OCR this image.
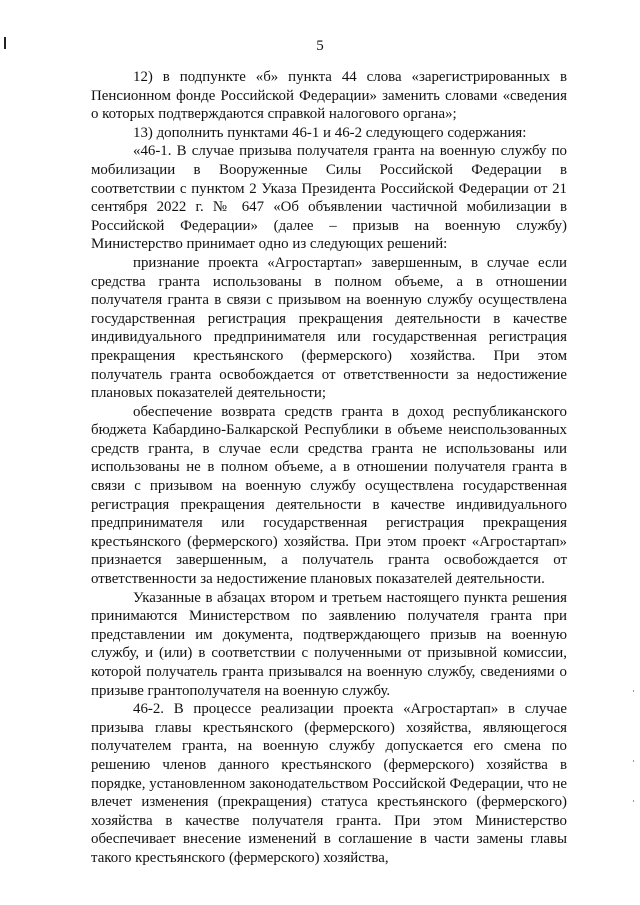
5

12) в подпункте «б» пункта 44 слова «зарегистрированных в Пенсионном фонде Российской Федерации» заменить словами «сведения о которых подтверждаются справкой налогового органа»;

13) дополнить пунктами 46-1 и 46-2 следующего содержания:

«46-1. В случае призыва получателя гранта на военную службу по мобилизации в Вооруженные Силы Российской Федерации в соответствии с пунктом 2 Указа Президента Российской Федерации от 21 сентября 2022 г. № 647 «Об объявлении частичной мобилизации в Российской Федерации» (далее – призыв на военную службу) Министерство принимает одно из следующих решений:

признание проекта «Агростартап» завершенным, в случае если средства гранта использованы в полном объеме, а в отношении получателя гранта в связи с призывом на военную службу осуществлена государственная регистрация прекращения деятельности в качестве индивидуального предпринимателя или государственная регистрация прекращения крестьянского (фермерского) хозяйства. При этом получатель гранта освобождается от ответственности за недостижение плановых показателей деятельности;

обеспечение возврата средств гранта в доход республиканского бюджета Кабардино-Балкарской Республики в объеме неиспользованных средств гранта, в случае если средства гранта не использованы или использованы не в полном объеме, а в отношении получателя гранта в связи с призывом на военную службу осуществлена государственная регистрация прекращения деятельности в качестве индивидуального предпринимателя или государственная регистрация прекращения крестьянского (фермерского) хозяйства. При этом проект «Агростартап» признается завершенным, а получатель гранта освобождается от ответственности за недостижение плановых показателей деятельности.

Указанные в абзацах втором и третьем настоящего пункта решения принимаются Министерством по заявлению получателя гранта при представлении им документа, подтверждающего призыв на военную службу, и (или) в соответствии с полученными от призывной комиссии, которой получатель гранта призывался на военную службу, сведениями о призыве грантополучателя на военную службу.

46-2. В процессе реализации проекта «Агростартап» в случае призыва главы крестьянского (фермерского) хозяйства, являющегося получателем гранта, на военную службу допускается его смена по решению членов данного крестьянского (фермерского) хозяйства в порядке, установленном законодательством Российской Федерации, что не влечет изменения (прекращения) статуса крестьянского (фермерского) хозяйства в качестве получателя гранта. При этом Министерство обеспечивает внесение изменений в соглашение в части замены главы такого крестьянского (фермерского) хозяйства,
